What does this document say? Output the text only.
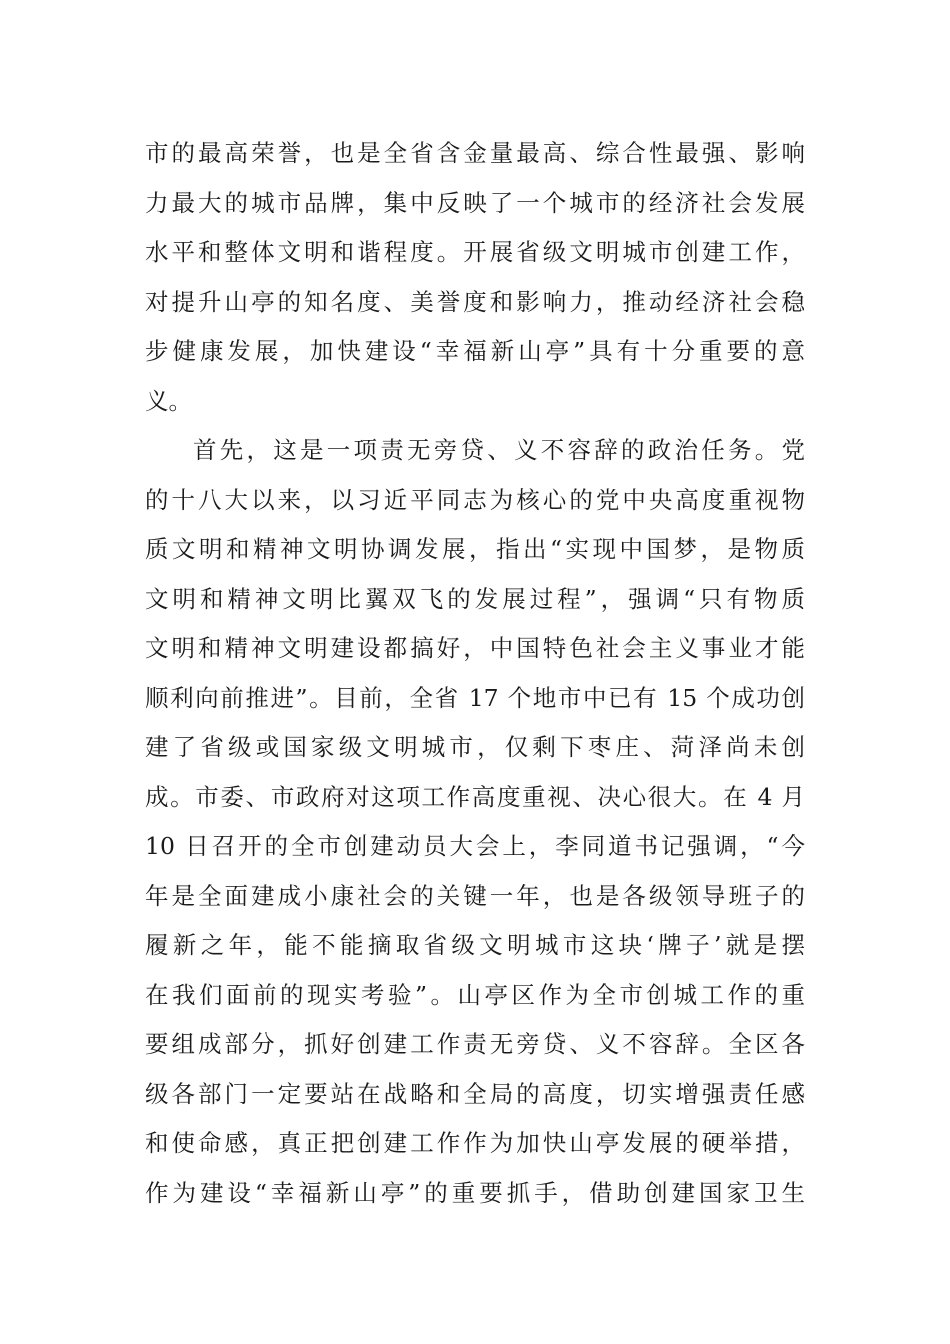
市的最高荣誉，也是全省含金量最高、综合性最强、影响
力最大的城市品牌，集中反映了一个城市的经济社会发展
水平和整体文明和谐程度。开展省级文明城市创建工作，
对提升山亭的知名度、美誉度和影响力，推动经济社会稳
步健康发展，加快建设“幸福新山亭”具有十分重要的意
义。
首先，这是一项责无旁贷、义不容辞的政治任务。党
的十八大以来，以习近平同志为核心的党中央高度重视物
质文明和精神文明协调发展，指出“实现中国梦，是物质
文明和精神文明比翼双飞的发展过程”，强调“只有物质
文明和精神文明建设都搞好，中国特色社会主义事业才能
顺利向前推进”。目前，全省 17 个地市中已有 15 个成功创
建了省级或国家级文明城市，仅剩下枣庄、菏泽尚未创
成。市委、市政府对这项工作高度重视、决心很大。在 4 月
10 日召开的全市创建动员大会上，李同道书记强调，“今
年是全面建成小康社会的关键一年，也是各级领导班子的
履新之年，能不能摘取省级文明城市这块‘牌子’就是摆
在我们面前的现实考验”。山亭区作为全市创城工作的重
要组成部分，抓好创建工作责无旁贷、义不容辞。全区各
级各部门一定要站在战略和全局的高度，切实增强责任感
和使命感，真正把创建工作作为加快山亭发展的硬举措，
作为建设“幸福新山亭”的重要抓手，借助创建国家卫生
